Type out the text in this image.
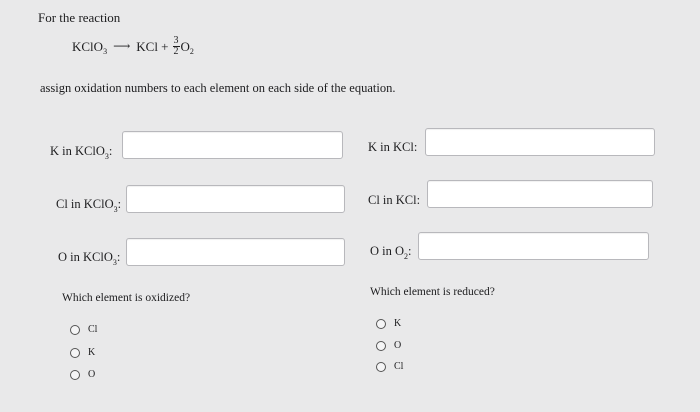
For the reaction
KClO 3 ⟶ KCl + $\frac{3}{2}$ O 2
assign oxidation numbers to each element on each side of the equation.
K in KClO$_3$:	K in KCl:
Cl in KClO$_3$:	Cl in KCl:
O in KClO$_3$:	O in $O_2$:
Which element is oxidized?	Which element is reduced?
Cl
K
O
K
O
Cl
